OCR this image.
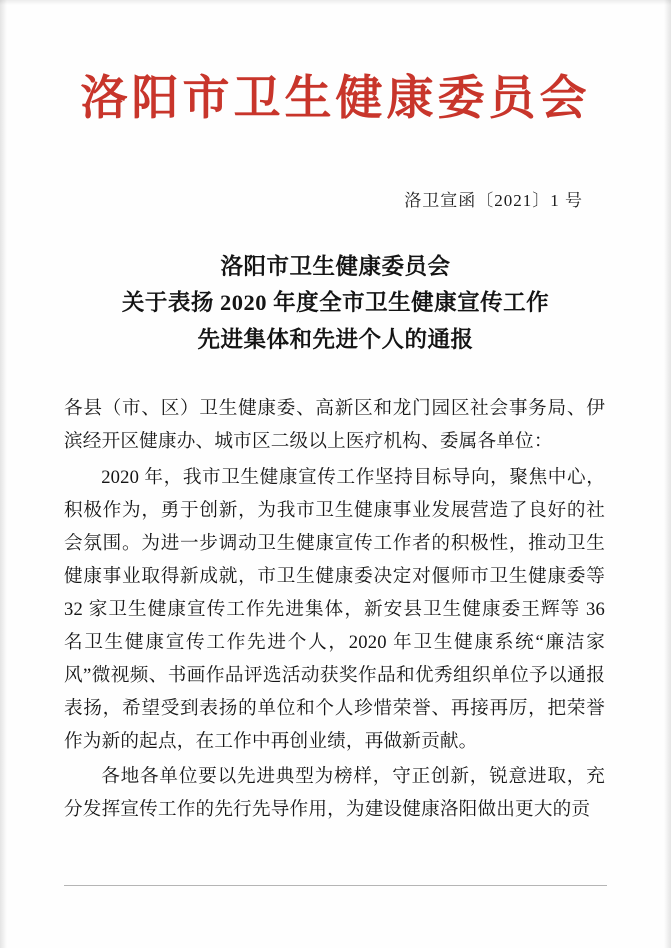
洛阳市卫生健康委员会
洛卫宣函〔2021〕1 号
洛阳市卫生健康委员会
关于表扬 2020 年度全市卫生健康宣传工作
先进集体和先进个人的通报

各县（市、区）卫生健康委、高新区和龙门园区社会事务局、伊滨经开区健康办、城市区二级以上医疗机构、委属各单位：

2020 年，我市卫生健康宣传工作坚持目标导向，聚焦中心，积极作为，勇于创新，为我市卫生健康事业发展营造了良好的社会氛围。为进一步调动卫生健康宣传工作者的积极性，推动卫生健康事业取得新成就，市卫生健康委决定对偃师市卫生健康委等 32 家卫生健康宣传工作先进集体，新安县卫生健康委王辉等 36 名卫生健康宣传工作先进个人，2020 年卫生健康系统“廉洁家风”微视频、书画作品评选活动获奖作品和优秀组织单位予以通报表扬，希望受到表扬的单位和个人珍惜荣誉、再接再厉，把荣誉作为新的起点，在工作中再创业绩，再做新贡献。

各地各单位要以先进典型为榜样，守正创新，锐意进取，充分发挥宣传工作的先行先导作用，为建设健康洛阳做出更大的贡
